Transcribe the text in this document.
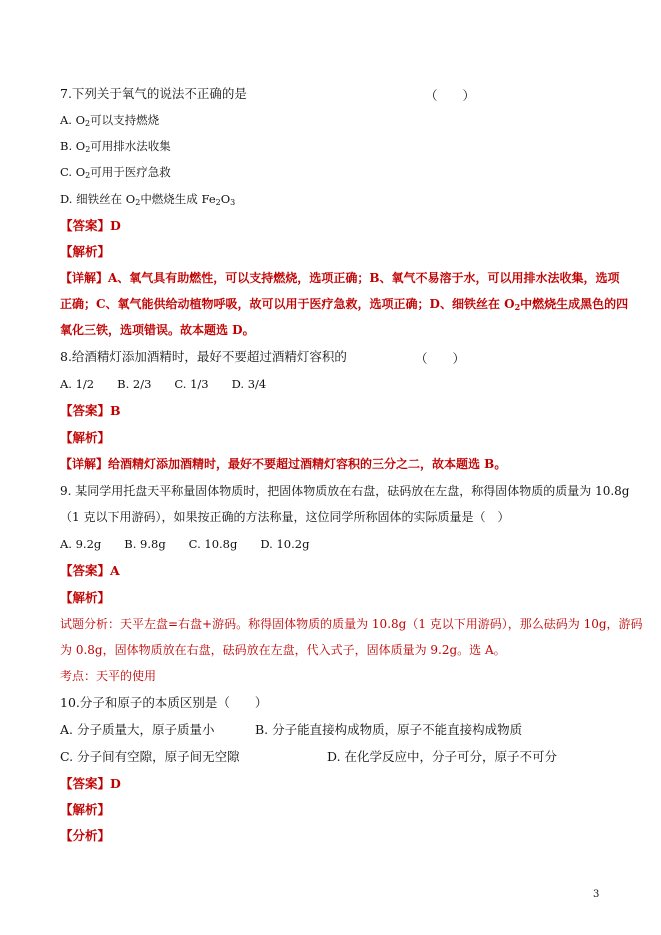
7.下列关于氧气的说法不正确的是	（　　）
A. $O_2$可以支持燃烧
B. $O_2$可用排水法收集
C. $O_2$可用于医疗急救
D. 细铁丝在 $O_2$中燃烧生成 $Fe_2O_3$
【答案】D
【解析】
【详解】A、氧气具有助燃性，可以支持燃烧，选项正确；B、氧气不易溶于水，可以用排水法收集，选项
正确；C、氧气能供给动植物呼吸，故可以用于医疗急救，选项正确；D、细铁丝在 $O_2$中燃烧生成黑色的四
氧化三铁，选项错误。故本题选 D。
8.给酒精灯添加酒精时，最好不要超过酒精灯容积的	（　　）
A. 1/2　　B. 2/3　　C. 1/3　　D. 3/4
【答案】B
【解析】
【详解】给酒精灯添加酒精时，最好不要超过酒精灯容积的三分之二，故本题选 B。
9. 某同学用托盘天平称量固体物质时，把固体物质放在右盘，砝码放在左盘，称得固体物质的质量为 10.8g
（1 克以下用游码），如果按正确的方法称量，这位同学所称固体的实际质量是（　）
A. 9.2g　　B. 9.8g　　C. 10.8g　　D. 10.2g
【答案】A
【解析】
试题分析：天平左盘=右盘+游码。称得固体物质的质量为 10.8g（1 克以下用游码），那么砝码为 10g，游码
为 0.8g，固体物质放在右盘，砝码放在左盘，代入式子，固体质量为 9.2g。选 A。
考点：天平的使用
10.分子和原子的本质区别是（　　）
A. 分子质量大，原子质量小	B. 分子能直接构成物质，原子不能直接构成物质
C. 分子间有空隙，原子间无空隙	D. 在化学反应中，分子可分，原子不可分
【答案】D
【解析】
【分析】
3
